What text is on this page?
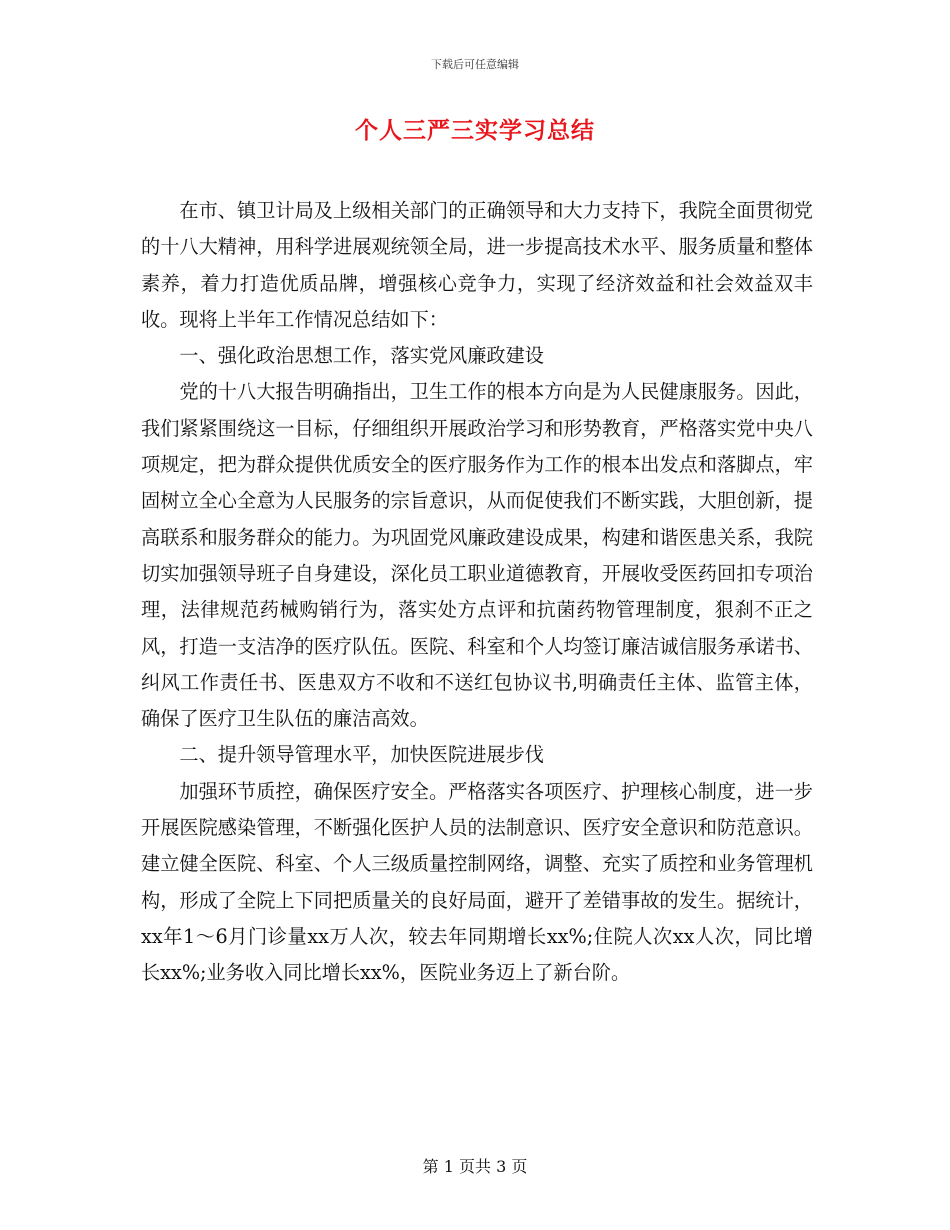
下载后可任意编辑
个人三严三实学习总结

在市、镇卫计局及上级相关部门的正确领导和大力支持下，我院全面贯彻党的十八大精神，用科学进展观统领全局，进一步提高技术水平、服务质量和整体素养，着力打造优质品牌，增强核心竞争力，实现了经济效益和社会效益双丰收。现将上半年工作情况总结如下：

一、强化政治思想工作，落实党风廉政建设

党的十八大报告明确指出，卫生工作的根本方向是为人民健康服务。因此，我们紧紧围绕这一目标，仔细组织开展政治学习和形势教育，严格落实党中央八项规定，把为群众提供优质安全的医疗服务作为工作的根本出发点和落脚点，牢固树立全心全意为人民服务的宗旨意识，从而促使我们不断实践，大胆创新，提高联系和服务群众的能力。为巩固党风廉政建设成果，构建和谐医患关系，我院切实加强领导班子自身建设，深化员工职业道德教育，开展收受医药回扣专项治理，法律规范药械购销行为，落实处方点评和抗菌药物管理制度，狠刹不正之风，打造一支洁净的医疗队伍。医院、科室和个人均签订廉洁诚信服务承诺书、纠风工作责任书、医患双方不收和不送红包协议书,明确责任主体、监管主体，确保了医疗卫生队伍的廉洁高效。

二、提升领导管理水平，加快医院进展步伐

加强环节质控，确保医疗安全。严格落实各项医疗、护理核心制度，进一步开展医院感染管理，不断强化医护人员的法制意识、医疗安全意识和防范意识。建立健全医院、科室、个人三级质量控制网络，调整、充实了质控和业务管理机构，形成了全院上下同把质量关的良好局面，避开了差错事故的发生。据统计，xx年1～6月门诊量xx万人次，较去年同期增长xx%;住院人次xx人次，同比增长xx%;业务收入同比增长xx%，医院业务迈上了新台阶。

第 1 页共 3 页
